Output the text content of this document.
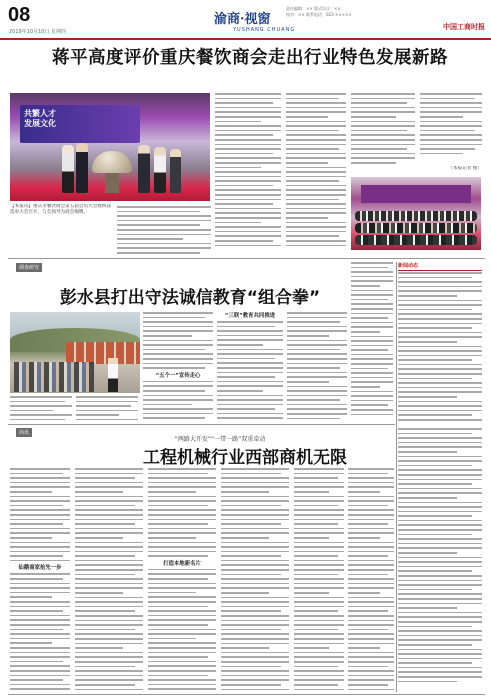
08
2019年10月10日 星期四
渝商·视窗
YUSHANG CHUANG
责任编辑：×× 版式设计：××
校对：×× 联系电话：023-×××××
中国工商时报
蒋平高度评价重庆餐饮商会走出行业特色发展新路
共繁人才
发展文化
【本报讯】重庆市餐饮商会第五届会员大会暨换届选举大会召开，与会领导为商会揭牌。
（本报记者 摄）
调查研究
彭水县打出守法诚信教育“组合拳”
“五个一”宣传走心
“三联”教育共同推进
新闻动态
商讯
“两路大开发”“一带一路”双重牵动
工程机械行业西部商机无限
仙鹅商家抢先一步
打造本地新名片
